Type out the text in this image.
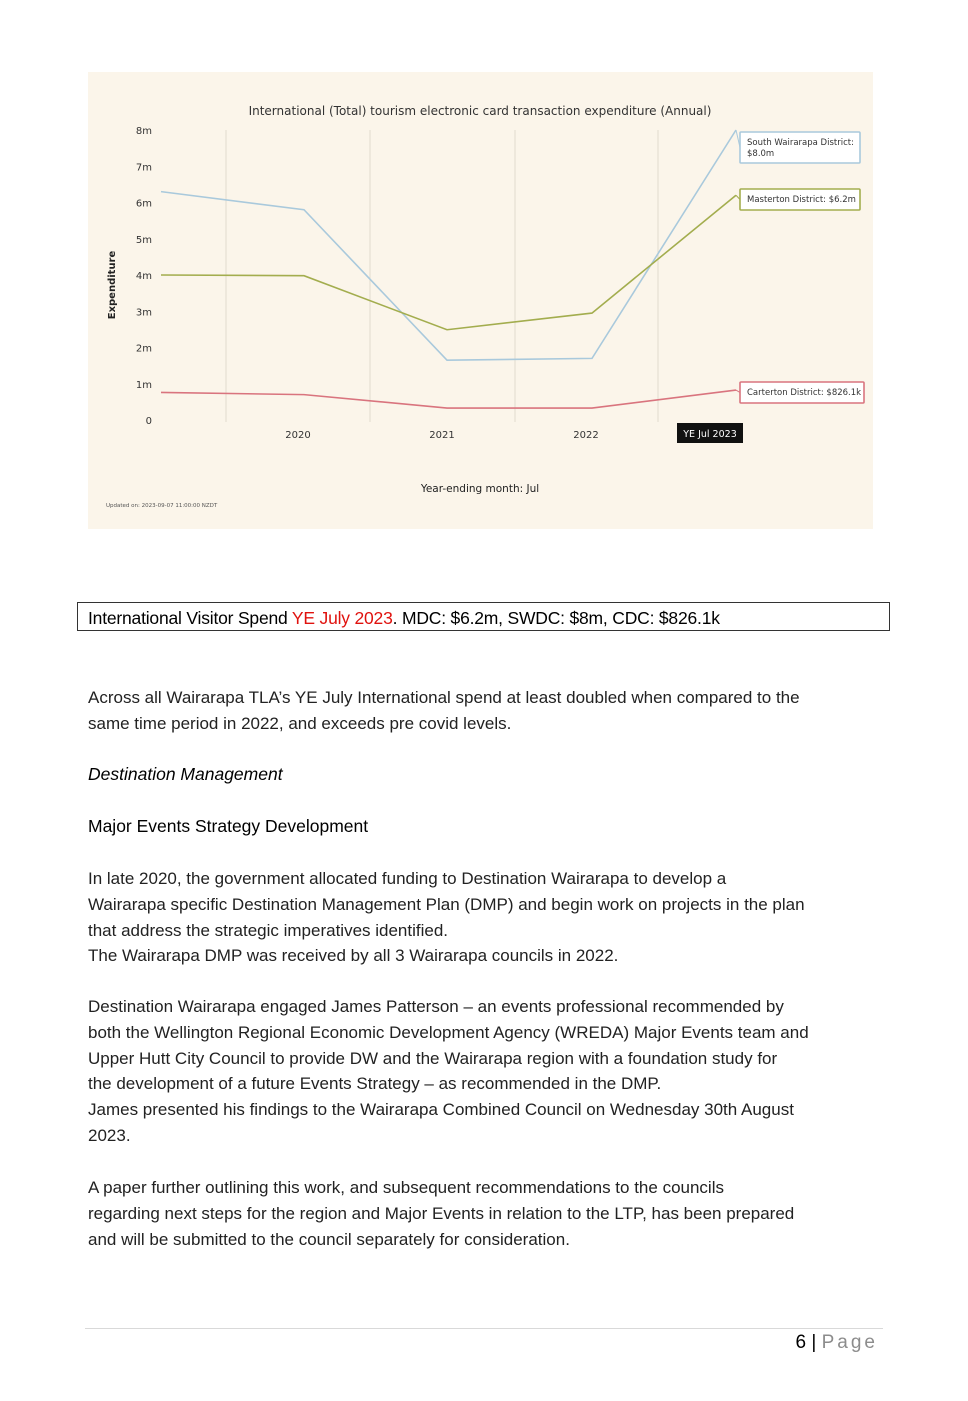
International (Total) tourism electronic card transaction expenditure (Annual)
0
1m
2m
3m
4m
5m
6m
7m
8m
2020	2021	2022	YE Jul 2023
South Wairarapa District:
$8.0m
Masterton District: $6.2m
Carterton District: $826.1k
Expenditure
Year-ending month: Jul
Updated on: 2023-09-07 11:00:00 NZDT
International Visitor Spend YE July 2023. MDC: $6.2m, SWDC: $8m, CDC: $826.1k
Across all Wairarapa TLA’s YE July International spend at least doubled when compared to the
same time period in 2022, and exceeds pre covid levels.
Destination Management
Major Events Strategy Development
In late 2020, the government allocated funding to Destination Wairarapa to develop a
Wairarapa specific Destination Management Plan (DMP) and begin work on projects in the plan
that address the strategic imperatives identified.
The Wairarapa DMP was received by all 3 Wairarapa councils in 2022.
Destination Wairarapa engaged James Patterson – an events professional recommended by
both the Wellington Regional Economic Development Agency (WREDA) Major Events team and
Upper Hutt City Council to provide DW and the Wairarapa region with a foundation study for
the development of a future Events Strategy – as recommended in the DMP.
James presented his findings to the Wairarapa Combined Council on Wednesday 30th August
2023.
A paper further outlining this work, and subsequent recommendations to the councils
regarding next steps for the region and Major Events in relation to the LTP, has been prepared
and will be submitted to the council separately for consideration.
6 | Page
